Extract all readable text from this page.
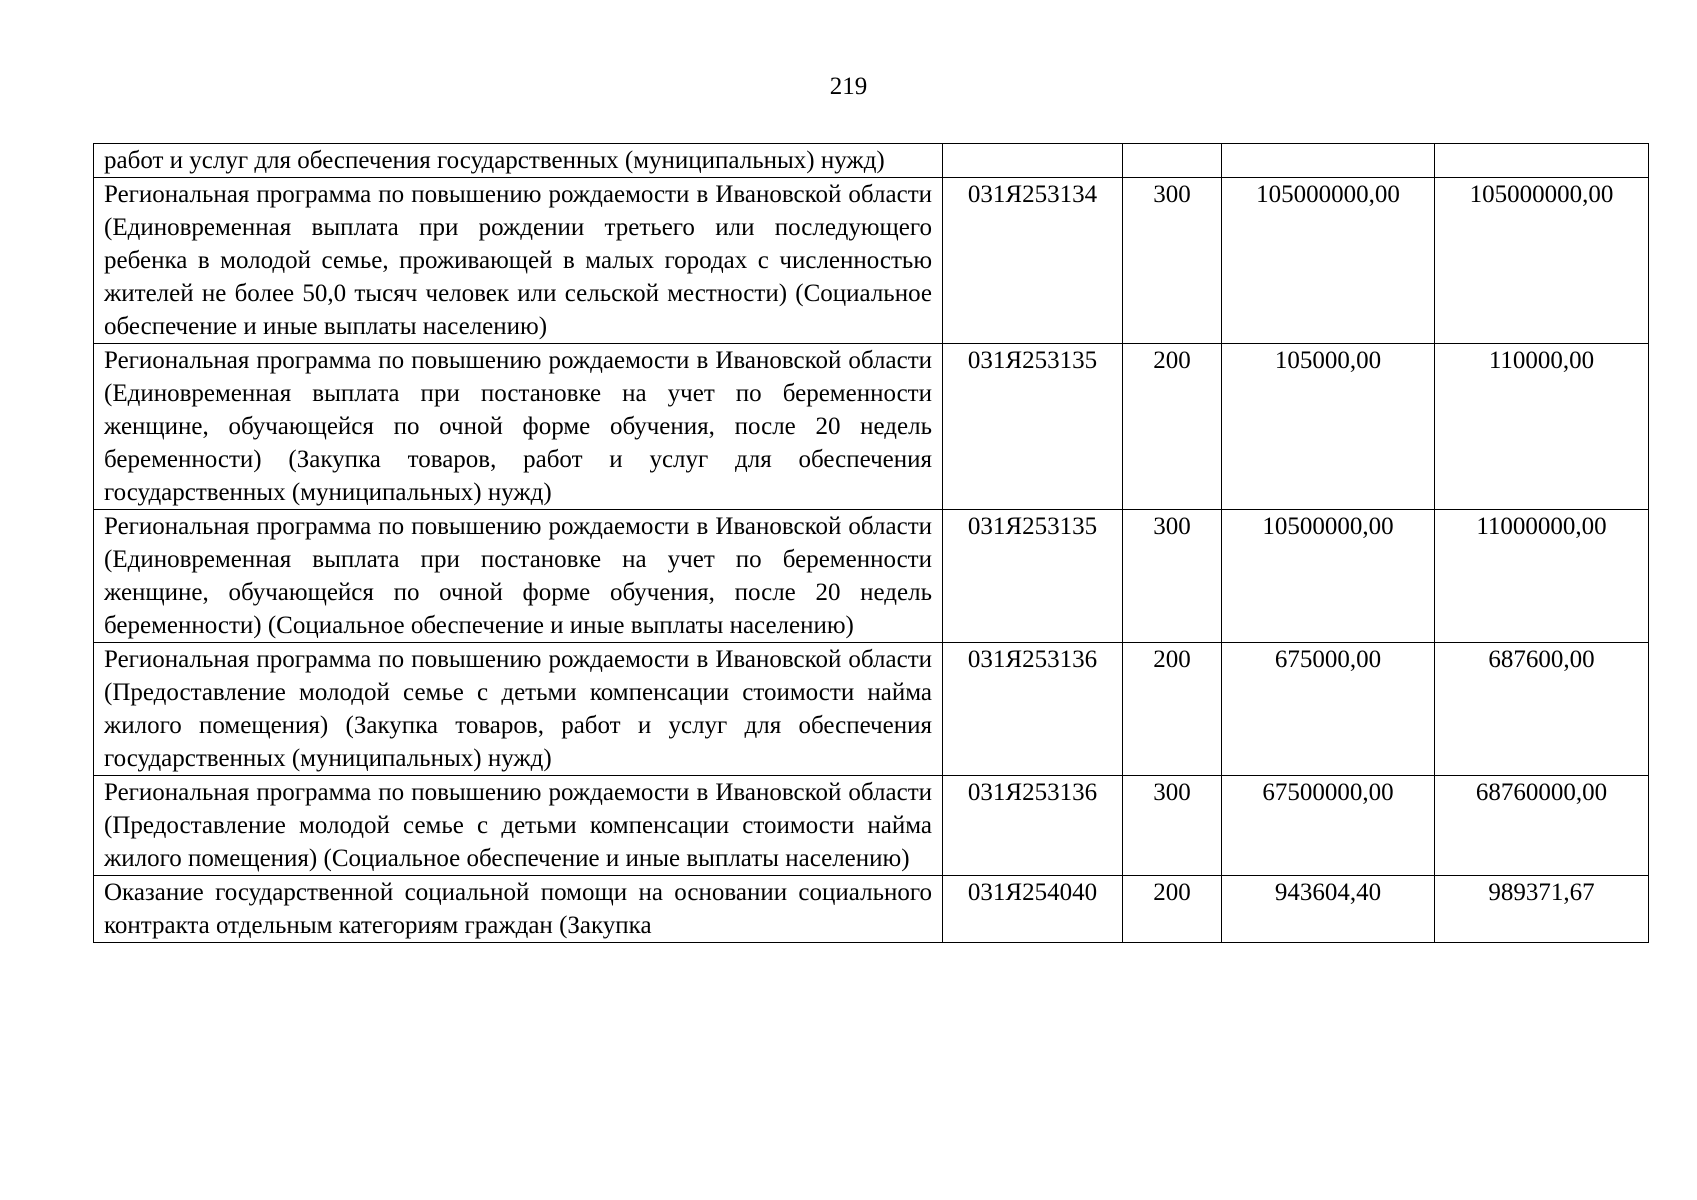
219
работ и услуг для обеспечения государственных (муниципальных) нужд)				
Региональная программа по повышению рождаемости в Ивановской области (Единовременная выплата при рождении третьего или последующего ребенка в молодой семье, проживающей в малых городах с численностью жителей не более 50,0 тысяч человек или сельской местности) (Социальное обеспечение и иные выплаты населению)	031Я253134	300	105000000,00	105000000,00
Региональная программа по повышению рождаемости в Ивановской области (Единовременная выплата при постановке на учет по беременности женщине, обучающейся по очной форме обучения, после 20 недель беременности) (Закупка товаров, работ и услуг для обеспечения государственных (муниципальных) нужд)	031Я253135	200	105000,00	110000,00
Региональная программа по повышению рождаемости в Ивановской области (Единовременная выплата при постановке на учет по беременности женщине, обучающейся по очной форме обучения, после 20 недель беременности) (Социальное обеспечение и иные выплаты населению)	031Я253135	300	10500000,00	11000000,00
Региональная программа по повышению рождаемости в Ивановской области (Предоставление молодой семье с детьми компенсации стоимости найма жилого помещения) (Закупка товаров, работ и услуг для обеспечения государственных (муниципальных) нужд)	031Я253136	200	675000,00	687600,00
Региональная программа по повышению рождаемости в Ивановской области (Предоставление молодой семье с детьми компенсации стоимости найма жилого помещения) (Социальное обеспечение и иные выплаты населению)	031Я253136	300	67500000,00	68760000,00
Оказание государственной социальной помощи на основании социального контракта отдельным категориям граждан (Закупка	031Я254040	200	943604,40	989371,67
